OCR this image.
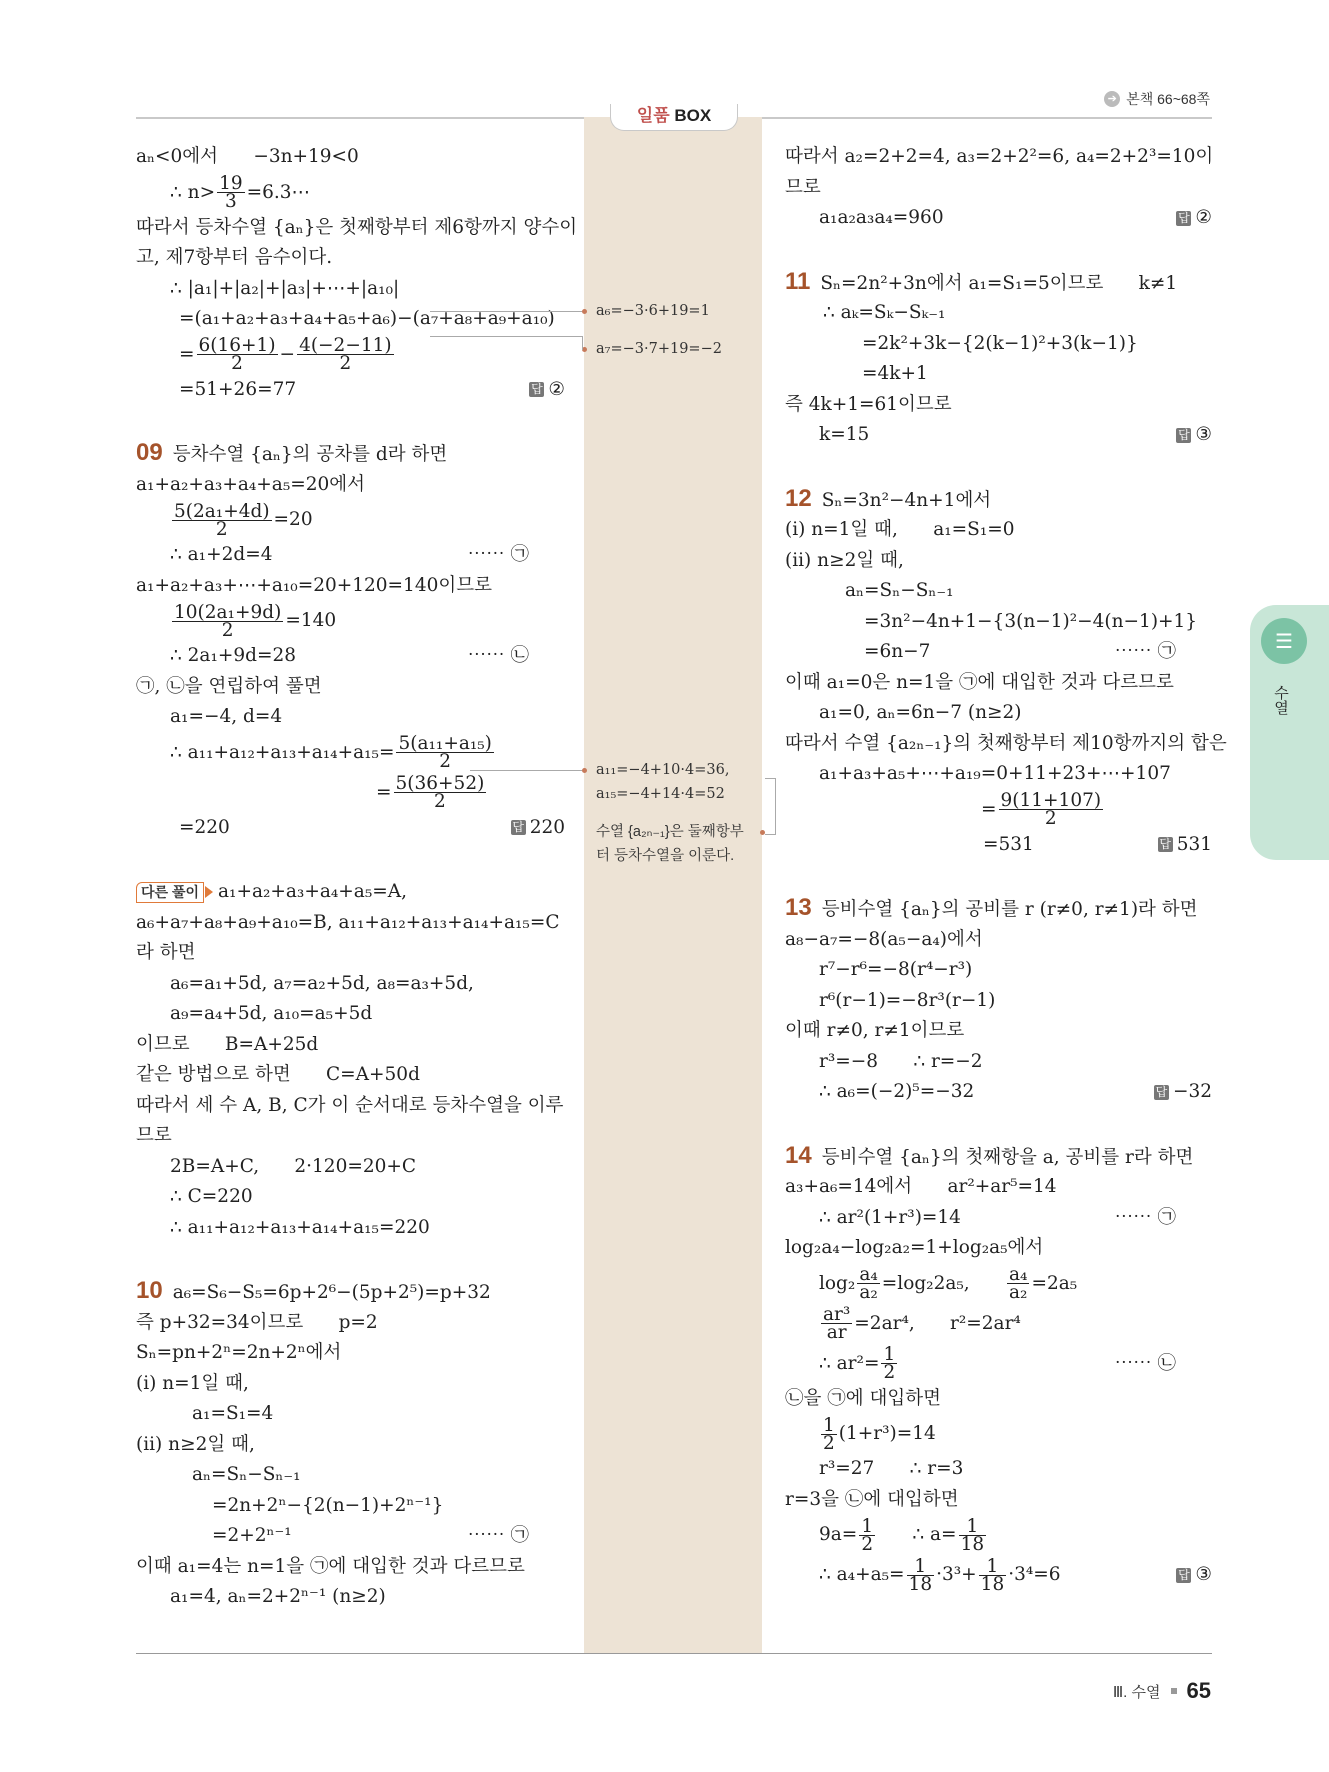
➔ 본책 66~68쪽
일품 BOX
aₙ<0에서      −3n+19<0
∴ $n> \frac{19}{3}$ =6.3⋯
따라서 등차수열 {aₙ}은 첫째항부터 제6항까지 양수이
고, 제7항부터 음수이다.
∴ |a₁|+|a₂|+|a₃|+⋯+|a₁₀|
=(a₁+a₂+a₃+a₄+a₅+a₆)−(a₇+a₈+a₉+a₁₀)
= $\frac{6(16+1)}{2} - \frac{4(-2-11)}{2}$
=51+26=77	답 ②
09 등차수열 {aₙ}의 공차를 d라 하면
a₁+a₂+a₃+a₄+a₅=20에서
$\frac{\text{5(2a₁+4d)}}{2} =20$
∴ a₁+2d=4	⋯⋯ ㉠
a₁+a₂+a₃+⋯+a₁₀=20+120=140이므로
$\frac{\text{10(2a₁+9d)}}{2} =140$
∴ 2a₁+9d=28	⋯⋯ ㉡
㉠, ㉡을 연립하여 풀면
a₁=−4, d=4
∴ $a_{11}+a_{12}+a_{13}+a_{14}+a_{15}= \frac{\text{5(a₁₁+a₁₅)}}{2}$
= $\frac{5(36+52)}{2}$
=220	답 220
다른 풀이 a₁+a₂+a₃+a₄+a₅=A,
a₆+a₇+a₈+a₉+a₁₀=B, a₁₁+a₁₂+a₁₃+a₁₄+a₁₅=C
라 하면
a₆=a₁+5d, a₇=a₂+5d, a₈=a₃+5d,
a₉=a₄+5d, a₁₀=a₅+5d
이므로      B=A+25d
같은 방법으로 하면      C=A+50d
따라서 세 수 A, B, C가 이 순서대로 등차수열을 이루
므로
2B=A+C,      2·120=20+C
∴ C=220
∴ a₁₁+a₁₂+a₁₃+a₁₄+a₁₅=220
10 a₆=S₆−S₅=6p+2⁶−(5p+2⁵)=p+32
즉 p+32=34이므로      p=2
Sₙ=pn+2ⁿ=2n+2ⁿ에서
(i) n=1일 때,
a₁=S₁=4
(ii) n≥2일 때,
aₙ=Sₙ−Sₙ₋₁
=2n+2ⁿ−{2(n−1)+2ⁿ⁻¹}
=2+2ⁿ⁻¹	⋯⋯ ㉠
이때 a₁=4는 n=1을 ㉠에 대입한 것과 다르므로
a₁=4, aₙ=2+2ⁿ⁻¹ (n≥2)
따라서 a₂=2+2=4, a₃=2+2²=6, a₄=2+2³=10이
므로
a₁a₂a₃a₄=960	답 ②
11 Sₙ=2n²+3n에서 a₁=S₁=5이므로      k≠1
∴ aₖ=Sₖ−Sₖ₋₁
=2k²+3k−{2(k−1)²+3(k−1)}
=4k+1
즉 4k+1=61이므로
k=15	답 ③
12 Sₙ=3n²−4n+1에서
(i) n=1일 때,      a₁=S₁=0
(ii) n≥2일 때,
aₙ=Sₙ−Sₙ₋₁
=3n²−4n+1−{3(n−1)²−4(n−1)+1}
=6n−7	⋯⋯ ㉠
이때 a₁=0은 n=1을 ㉠에 대입한 것과 다르므로
a₁=0, aₙ=6n−7 (n≥2)
따라서 수열 {a₂ₙ₋₁}의 첫째항부터 제10항까지의 합은
a₁+a₃+a₅+⋯+a₁₉=0+11+23+⋯+107
= $\frac{9(11+107)}{2}$
=531	답 531
13 등비수열 {aₙ}의 공비를 r (r≠0, r≠1)라 하면
a₈−a₇=−8(a₅−a₄)에서
r⁷−r⁶=−8(r⁴−r³)
r⁶(r−1)=−8r³(r−1)
이때 r≠0, r≠1이므로
r³=−8      ∴ r=−2
∴ a₆=(−2)⁵=−32	답 −32
14 등비수열 {aₙ}의 첫째항을 a, 공비를 r라 하면
a₃+a₆=14에서      ar²+ar⁵=14
∴ ar²(1+r³)=14	⋯⋯ ㉠
log₂a₄−log₂a₂=1+log₂a₅에서
$\log_2 \frac{\text{a₄}}{\text{a₂}} =\log_22a_5$, $\frac{\text{a₄}}{\text{a₂}} =2a_5$
$\frac{\text{ar³}}{ar} =2ar^4$,      r²=2ar⁴
∴ $ar^2= \frac{1}{2}$	⋯⋯ ㉡
㉡을 ㉠에 대입하면
$\frac{1}{2} (1+r^3)=14$
r³=27      ∴ r=3
r=3을 ㉡에 대입하면
$9a= \frac{1}{2}$ ∴ $a= \frac{1}{18}$
∴ $a_4+a_5= \frac{1}{18} \cdot 3^3+ \frac{1}{18} \cdot 3^4=6$	답 ③
a₆=−3·6+19=1
a₇=−3·7+19=−2
a₁₁=−4+10·4=36,
a₁₅=−4+14·4=52
수열 {a₂ₙ₋₁}은 둘째항부
터 등차수열을 이룬다.
☰
수열
Ⅲ. 수열 65
